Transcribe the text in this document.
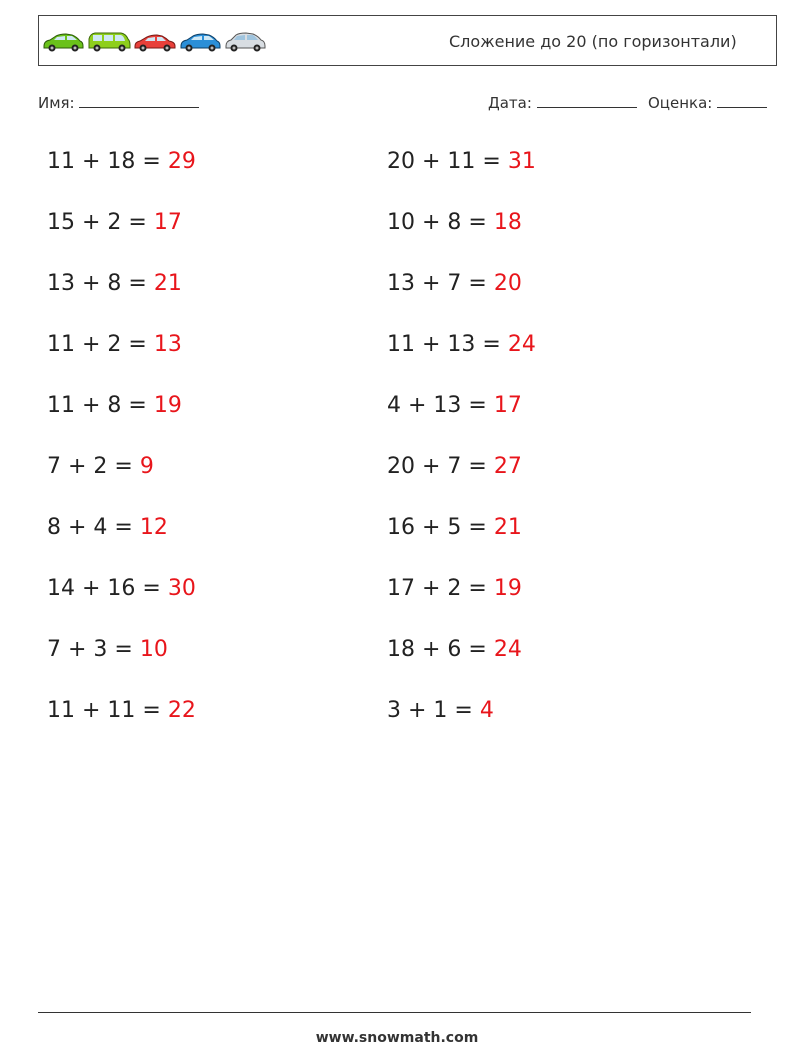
Сложение до 20 (по горизонтали)
Имя:	Дата:	Оценка:
11 + 18 = 29
15 + 2 = 17
13 + 8 = 21
11 + 2 = 13
11 + 8 = 19
7 + 2 = 9
8 + 4 = 12
14 + 16 = 30
7 + 3 = 10
11 + 11 = 22
20 + 11 = 31
10 + 8 = 18
13 + 7 = 20
11 + 13 = 24
4 + 13 = 17
20 + 7 = 27
16 + 5 = 21
17 + 2 = 19
18 + 6 = 24
3 + 1 = 4
www.snowmath.com
